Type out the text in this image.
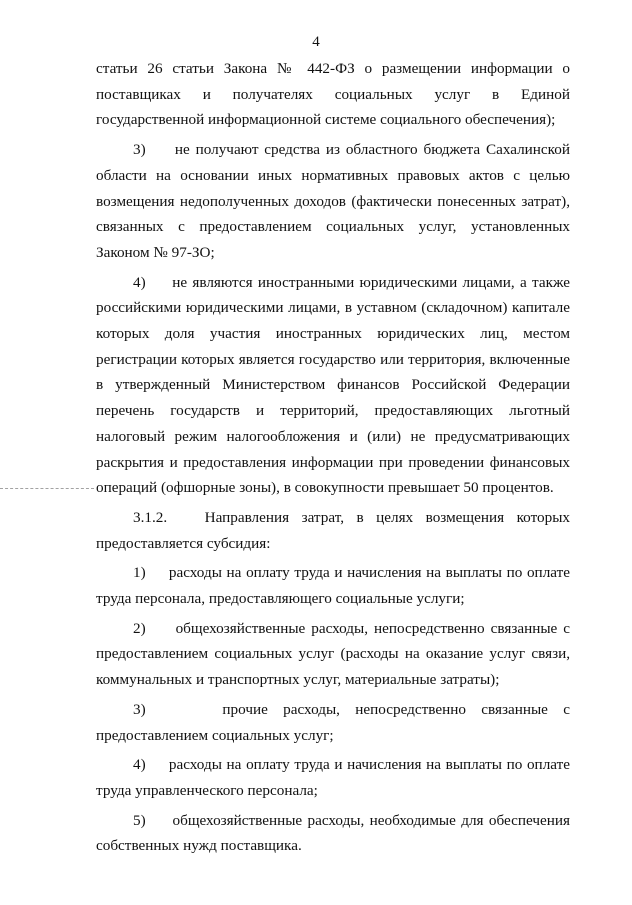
4

статьи 26 статьи Закона № 442-ФЗ о размещении информации о поставщиках и получателях социальных услуг в Единой государственной информационной системе социального обеспечения);

3)     не получают средства из областного бюджета Сахалинской области на основании иных нормативных правовых актов с целью возмещения недополученных доходов (фактически понесенных затрат), связанных с предоставлением социальных услуг, установленных Законом № 97-ЗО;

4)     не являются иностранными юридическими лицами, а также российскими юридическими лицами, в уставном (складочном) капитале которых доля участия иностранных юридических лиц, местом регистрации которых является государство или территория, включенные в утвержденный Министерством финансов Российской Федерации перечень государств и территорий, предоставляющих льготный налоговый режим налогообложения и (или) не предусматривающих раскрытия и предоставления информации при проведении финансовых операций (офшорные зоны), в совокупности превышает 50 процентов.

3.1.2.   Направления затрат, в целях возмещения которых предоставляется субсидия:

1)     расходы на оплату труда и начисления на выплаты по оплате труда персонала, предоставляющего социальные услуги;

2)     общехозяйственные расходы, непосредственно связанные с предоставлением социальных услуг (расходы на оказание услуг связи, коммунальных и транспортных услуг, материальные затраты);

3)     прочие расходы, непосредственно связанные с предоставлением социальных услуг;

4)     расходы на оплату труда и начисления на выплаты по оплате труда управленческого персонала;

5)     общехозяйственные расходы, необходимые для обеспечения собственных нужд поставщика.
